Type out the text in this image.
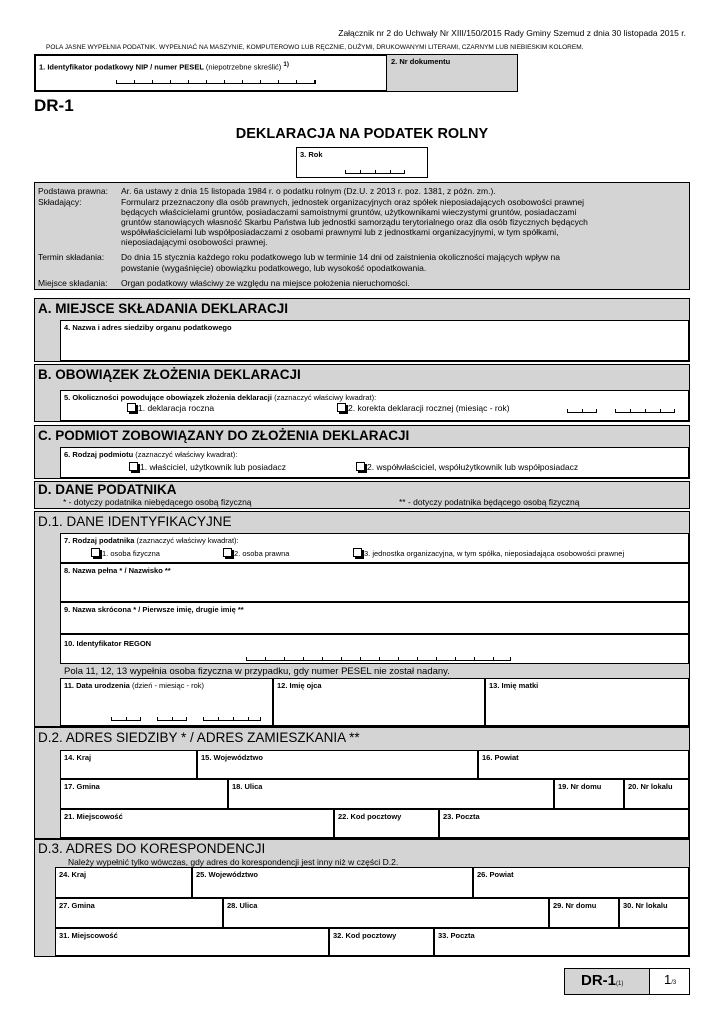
Załącznik nr 2 do Uchwały Nr XIII/150/2015 Rady Gminy Szemud z dnia 30 listopada 2015 r.
POLA JASNE WYPEŁNIA PODATNIK. WYPEŁNIAĆ NA MASZYNIE, KOMPUTEROWO LUB RĘCZNIE, DUŻYMI, DRUKOWANYMI LITERAMI, CZARNYM LUB NIEBIESKIM KOLOREM.
1. Identyfikator podatkowy NIP / numer PESEL (niepotrzebne skreślić) $^{1)}$	2. Nr dokumentu
DR-1
DEKLARACJA NA PODATEK ROLNY
3. Rok
Podstawa prawna: Ar. 6a ustawy z dnia 15 listopada 1984 r. o podatku rolnym (Dz.U. z 2013 r. poz. 1381, z późn. zm.).
Składający:	Formularz przeznaczony dla osób prawnych, jednostek organizacyjnych oraz spółek nieposiadających osobowości prawnej
będących właścicielami gruntów, posiadaczami samoistnymi gruntów, użytkownikami wieczystymi gruntów, posiadaczami
gruntów stanowiących własność Skarbu Państwa lub jednostki samorządu terytorialnego oraz dla osób fizycznych będących
współwłaścicielami lub współposiadaczami z osobami prawnymi lub z jednostkami organizacyjnymi, w tym spółkami,
nieposiadającymi osobowości prawnej.
Termin składania: Do dnia 15 stycznia każdego roku podatkowego lub w terminie 14 dni od zaistnienia okoliczności mających wpływ na
powstanie (wygaśnięcie) obowiązku podatkowego, lub wysokość opodatkowania.
Miejsce składania: Organ podatkowy właściwy ze względu na miejsce położenia nieruchomości.
A. MIEJSCE SKŁADANIA DEKLARACJI
4. Nazwa i adres siedziby organu podatkowego
B. OBOWIĄZEK ZŁOŻENIA DEKLARACJI
5. Okoliczności powodujące obowiązek złożenia deklaracji (zaznaczyć właściwy kwadrat):
1. deklaracja roczna	2. korekta deklaracji rocznej (miesiąc - rok)
C. PODMIOT ZOBOWIĄZANY DO ZŁOŻENIA DEKLARACJI
6. Rodzaj podmiotu (zaznaczyć właściwy kwadrat):
1. właściciel, użytkownik lub posiadacz	2. współwłaściciel, współużytkownik lub współposiadacz
D. DANE PODATNIKA
* - dotyczy podatnika niebędącego osobą fizyczną	** - dotyczy podatnika będącego osobą fizyczną
D.1. DANE IDENTYFIKACYJNE
7. Rodzaj podatnika (zaznaczyć właściwy kwadrat):
1. osoba fizyczna	2. osoba prawna	3. jednostka organizacyjna, w tym spółka, nieposiadająca osobowości prawnej
8. Nazwa pełna * / Nazwisko **
9. Nazwa skrócona * / Pierwsze imię, drugie imię **
10. Identyfikator REGON
Pola 11, 12, 13 wypełnia osoba fizyczna w przypadku, gdy numer PESEL nie został nadany.
11. Data urodzenia (dzień - miesiąc - rok)	12. Imię ojca	13. Imię matki
D.2. ADRES SIEDZIBY * / ADRES ZAMIESZKANIA **
14. Kraj	15. Województwo	16. Powiat
17. Gmina	18. Ulica	19. Nr domu	20. Nr lokalu
21. Miejscowość	22. Kod pocztowy	23. Poczta
D.3. ADRES DO KORESPONDENCJI
Należy wypełnić tylko wówczas, gdy adres do korespondencji jest inny niż w części D.2.
24. Kraj	25. Województwo	26. Powiat
27. Gmina	28. Ulica	29. Nr domu	30. Nr lokalu
31. Miejscowość	32. Kod pocztowy	33. Poczta
DR-1(1)	1/3
